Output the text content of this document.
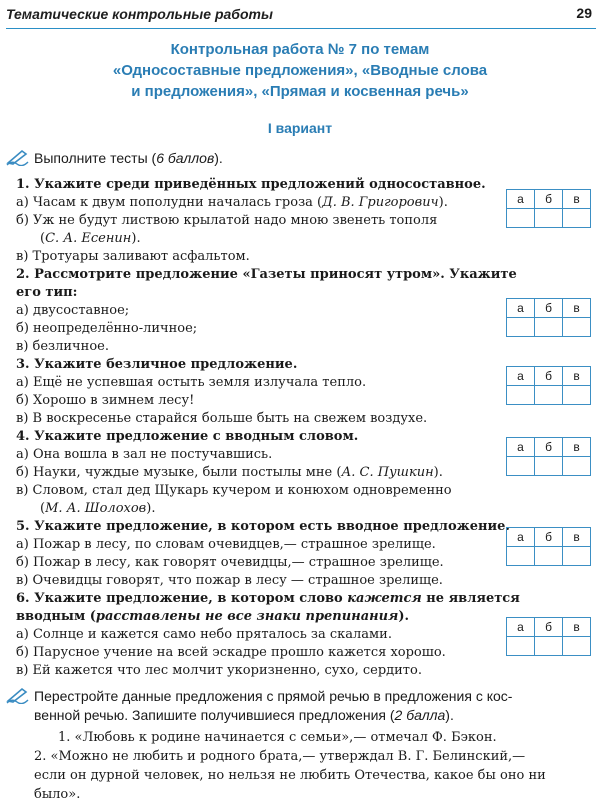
Тематические контрольные работы	29
Контрольная работа № 7 по темам
«Односоставные предложения», «Вводные слова
и предложения», «Прямая и косвенная речь»
I вариант
Выполните тесты (6 баллов).
1. Укажите среди приведённых предложений односоставное.
а) Часам к двум пополудни началась гроза (Д. В. Григорович).
б) Уж не будут листвою крылатой надо мною звенеть тополя
(С. А. Есенин).
в) Тротуары заливают асфальтом.
а	б	в

2. Рассмотрите предложение «Газеты приносят утром». Укажите
его тип:
а) двусоставное;
б) неопределённо-личное;
в) безличное.
а	б	в

3. Укажите безличное предложение.
а) Ещё не успевшая остыть земля излучала тепло.
б) Хорошо в зимнем лесу!
в) В воскресенье старайся больше быть на свежем воздухе.
а	б	в

4. Укажите предложение с вводным словом.
а) Она вошла в зал не постучавшись.
б) Науки, чуждые музыке, были постылы мне (А. С. Пушкин).
в) Словом, стал дед Щукарь кучером и конюхом одновременно
(М. А. Шолохов).
а	б	в

5. Укажите предложение, в котором есть вводное предложение.
а) Пожар в лесу, по словам очевидцев,— страшное зрелище.
б) Пожар в лесу, как говорят очевидцы,— страшное зрелище.
в) Очевидцы говорят, что пожар в лесу — страшное зрелище.
а	б	в

6. Укажите предложение, в котором слово кажется не является
вводным (расставлены не все знаки препинания).
а) Солнце и кажется само небо пряталось за скалами.
б) Парусное учение на всей эскадре прошло кажется хорошо.
в) Ей кажется что лес молчит укоризненно, сухо, сердито.
а	б	в

Перестройте данные предложения с прямой речью в предложения с кос-
венной речью. Запишите получившиеся предложения (2 балла).
1. «Любовь к родине начинается с семьи»,— отмечал Ф. Бэкон.
2. «Можно не любить и родного брата,— утверждал В. Г. Белинский,—
если он дурной человек, но нельзя не любить Отечества, какое бы оно ни
было».
